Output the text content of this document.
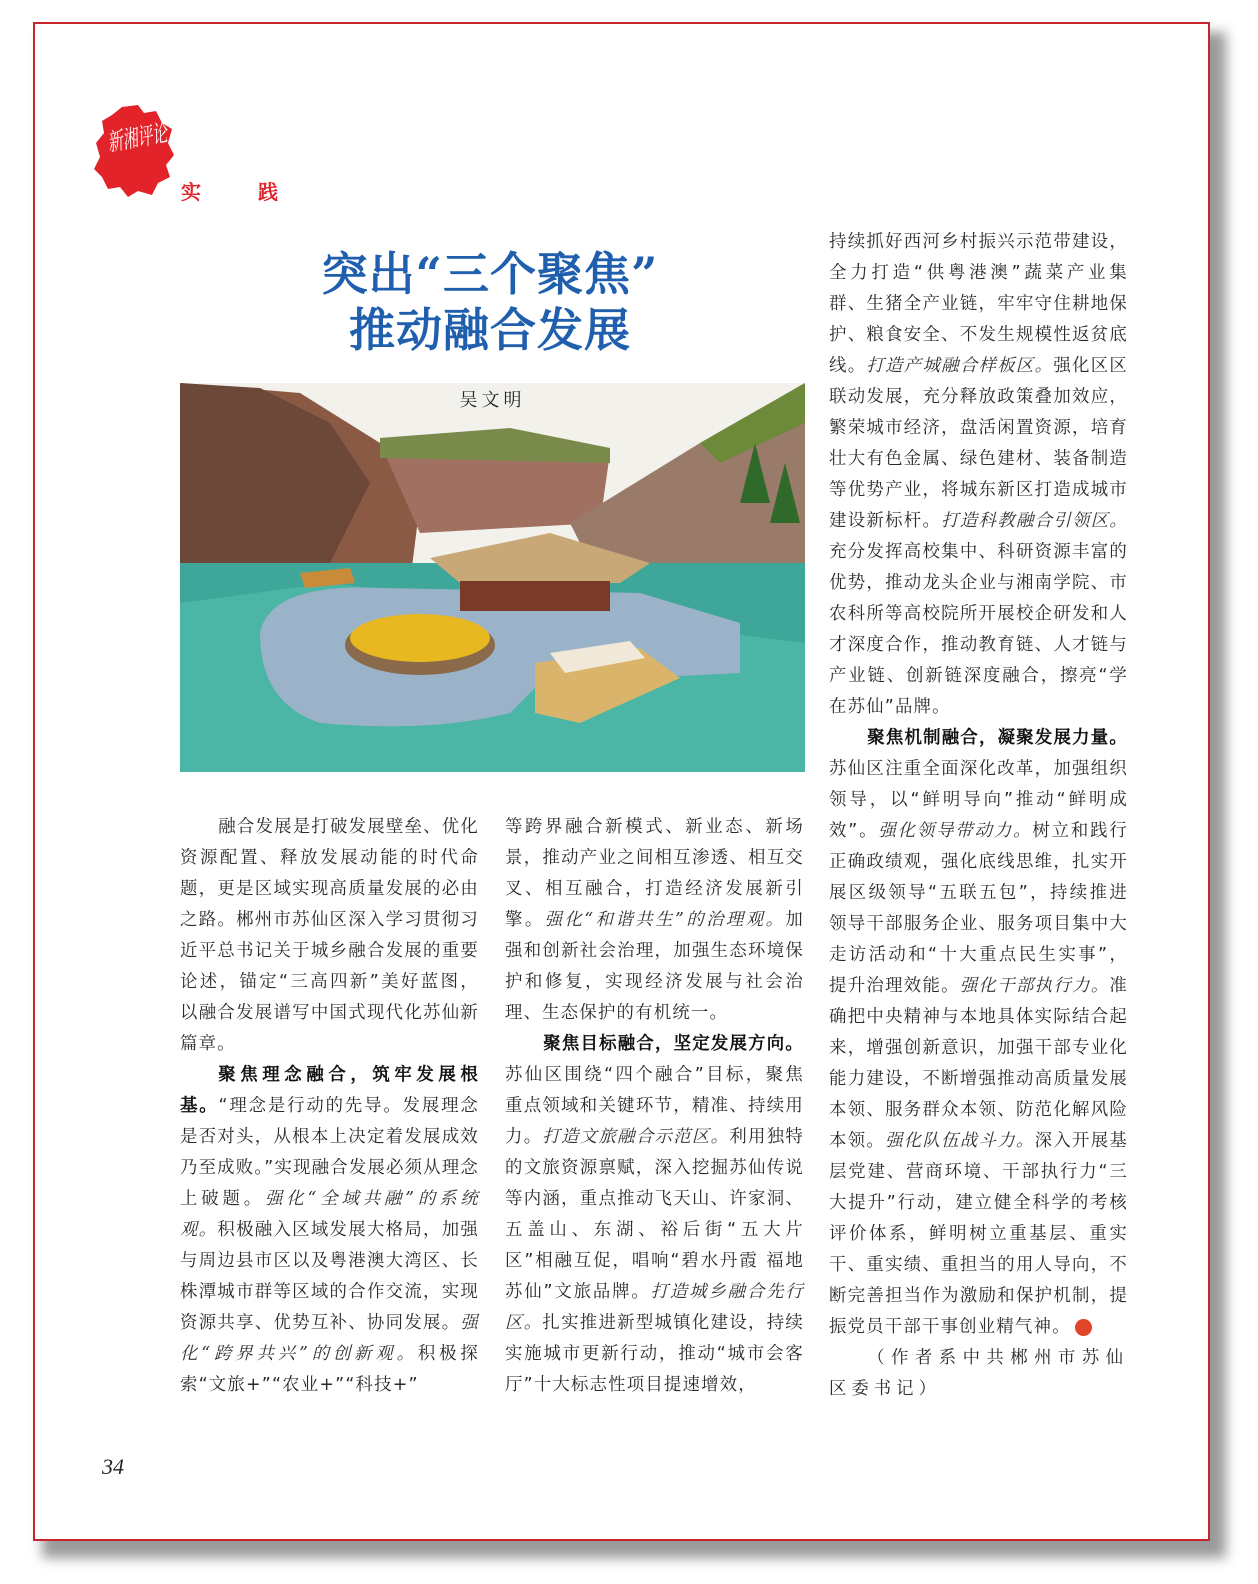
新湘评论
实	践
突出“三个聚焦”
推动融合发展
吴文明

融合发展是打破发展壁垒、优化资源配置、释放发展动能的时代命题，更是区域实现高质量发展的必由之路。郴州市苏仙区深入学习贯彻习近平总书记关于城乡融合发展的重要论述，锚定“三高四新”美好蓝图，以融合发展谱写中国式现代化苏仙新篇章。

聚焦理念融合，筑牢发展根基。“理念是行动的先导。发展理念是否对头，从根本上决定着发展成效乃至成败。”实现融合发展必须从理念上破题。强化“全域共融”的系统观。积极融入区域发展大格局，加强与周边县市区以及粤港澳大湾区、长株潭城市群等区域的合作交流，实现资源共享、优势互补、协同发展。强化“跨界共兴”的创新观。积极探索“文旅+”“农业+”“科技+”

等跨界融合新模式、新业态、新场景，推动产业之间相互渗透、相互交叉、相互融合，打造经济发展新引擎。强化“和谐共生”的治理观。加强和创新社会治理，加强生态环境保护和修复，实现经济发展与社会治理、生态保护的有机统一。

聚焦目标融合，坚定发展方向。苏仙区围绕“四个融合”目标，聚焦重点领域和关键环节，精准、持续用力。打造文旅融合示范区。利用独特的文旅资源禀赋，深入挖掘苏仙传说等内涵，重点推动飞天山、许家洞、五盖山、东湖、裕后街“五大片区”相融互促，唱响“碧水丹霞 福地苏仙”文旅品牌。打造城乡融合先行区。扎实推进新型城镇化建设，持续实施城市更新行动，推动“城市会客厅”十大标志性项目提速增效，

持续抓好西河乡村振兴示范带建设，全力打造“供粤港澳”蔬菜产业集群、生猪全产业链，牢牢守住耕地保护、粮食安全、不发生规模性返贫底线。打造产城融合样板区。强化区区联动发展，充分释放政策叠加效应，繁荣城市经济，盘活闲置资源，培育壮大有色金属、绿色建材、装备制造等优势产业，将城东新区打造成城市建设新标杆。打造科教融合引领区。充分发挥高校集中、科研资源丰富的优势，推动龙头企业与湘南学院、市农科所等高校院所开展校企研发和人才深度合作，推动教育链、人才链与产业链、创新链深度融合，擦亮“学在苏仙”品牌。

聚焦机制融合，凝聚发展力量。苏仙区注重全面深化改革，加强组织领导，以“鲜明导向”推动“鲜明成效”。强化领导带动力。树立和践行正确政绩观，强化底线思维，扎实开展区级领导“五联五包”，持续推进领导干部服务企业、服务项目集中大走访活动和“十大重点民生实事”，提升治理效能。强化干部执行力。准确把中央精神与本地具体实际结合起来，增强创新意识，加强干部专业化能力建设，不断增强推动高质量发展本领、服务群众本领、防范化解风险本领。强化队伍战斗力。深入开展基层党建、营商环境、干部执行力“三大提升”行动，建立健全科学的考核评价体系，鲜明树立重基层、重实干、重实绩、重担当的用人导向，不断完善担当作为激励和保护机制，提振党员干部干事创业精气神。

（作者系中共郴州市苏仙区委书记）

34
